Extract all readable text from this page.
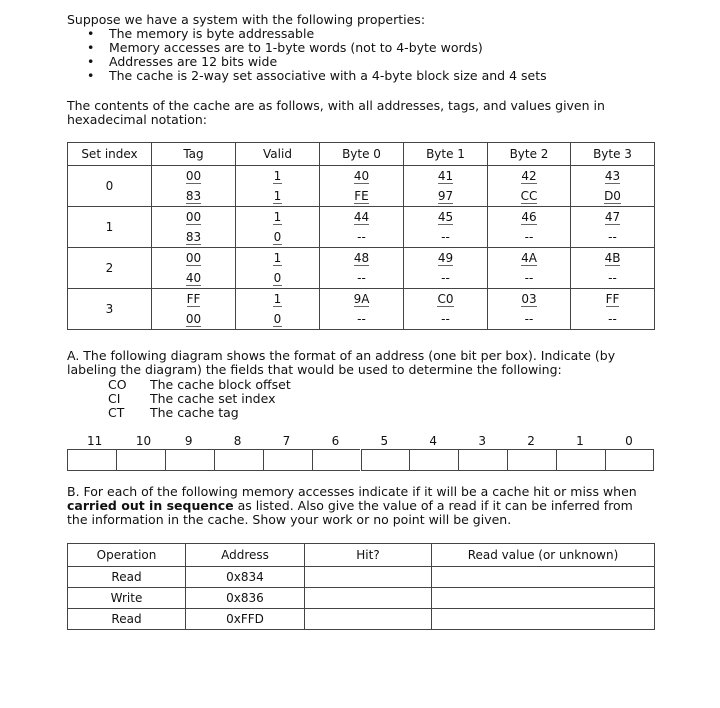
Suppose we have a system with the following properties:

• The memory is byte addressable
• Memory accesses are to 1-byte words (not to 4-byte words)
• Addresses are 12 bits wide
• The cache is 2-way set associative with a 4-byte block size and 4 sets

The contents of the cache are as follows, with all addresses, tags, and values given in hexadecimal notation:

Set index	Tag	Valid	Byte 0	Byte 1	Byte 2	Byte 3
0	00	1	40	41	42	43
	83	1	FE	97	CC	D0
1	00	1	44	45	46	47
	83	0	--	--	--	--
2	00	1	48	49	4A	4B
	40	0	--	--	--	--
3	FF	1	9A	C0	03	FF
	00	0	--	--	--	--

A. The following diagram shows the format of an address (one bit per box). Indicate (by labeling the diagram) the fields that would be used to determine the following:

CO The cache block offset
CI The cache set index
CT The cache tag
11	10	9	8	7	6	5	4	3	2	1	0

B. For each of the following memory accesses indicate if it will be a cache hit or miss when carried out in sequence as listed. Also give the value of a read if it can be inferred from the information in the cache. Show your work or no point will be given.

Operation	Address	Hit?	Read value (or unknown)
Read	0x834		
Write	0x836		
Read	0xFFD		
